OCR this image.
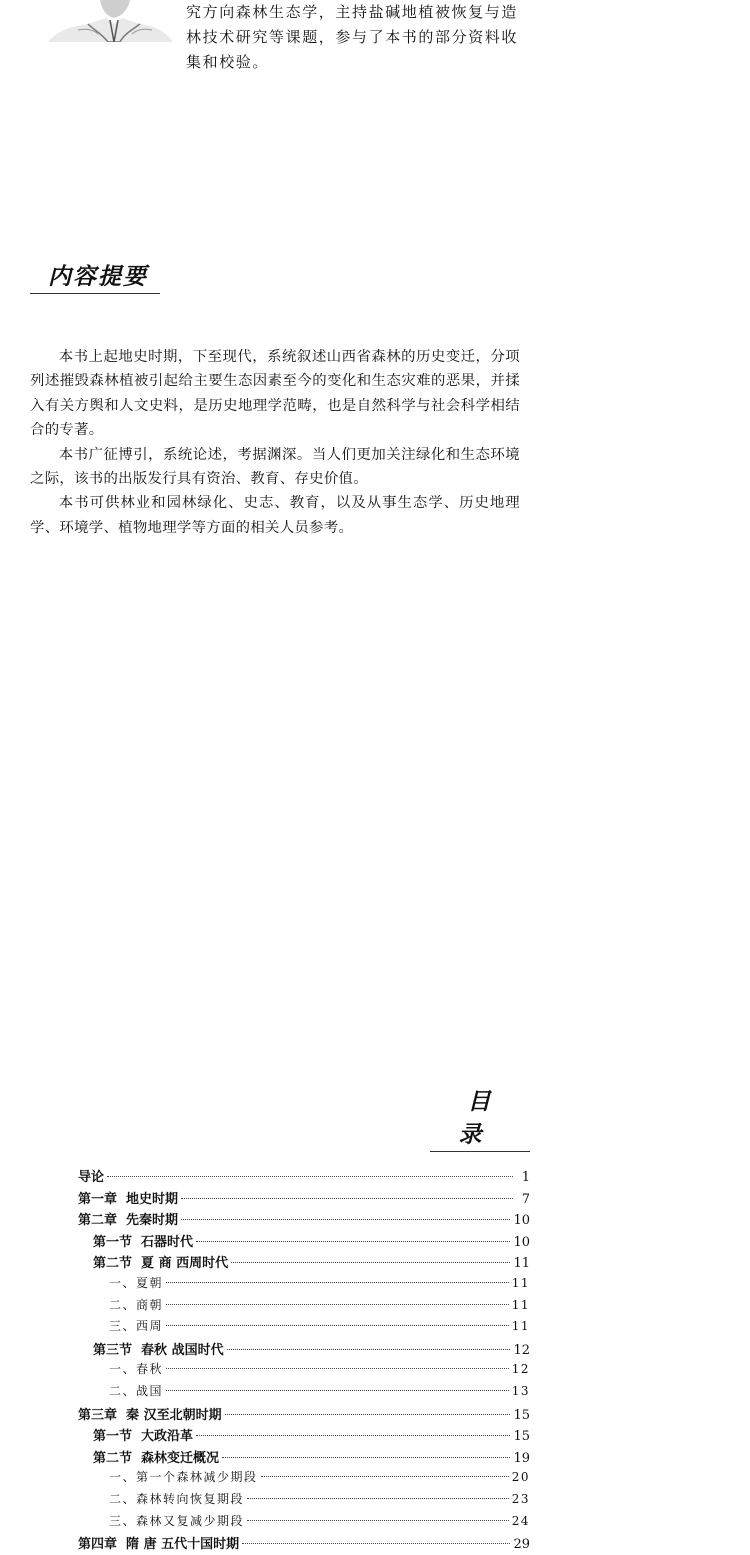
究方向森林生态学，主持盐碱地植被恢复与造

林技术研究等课题，参与了本书的部分资料收

集和校验。

内容提要

本书上起地史时期，下至现代，系统叙述山西省森林的历史变迁，分项列述摧毁森林植被引起给主要生态因素至今的变化和生态灾难的恶果，并揉入有关方舆和人文史料，是历史地理学范畴，也是自然科学与社会科学相结合的专著。

本书广征博引，系统论述，考据渊深。当人们更加关注绿化和生态环境之际，该书的出版发行具有资治、教育、存史价值。

本书可供林业和园林绿化、史志、教育，以及从事生态学、历史地理学、环境学、植物地理学等方面的相关人员参考。

目录
导论	1
第一章  地史时期	7
第二章  先秦时期	10
第一节  石器时代	10
第二节  夏 商 西周时代	11
一、夏朝	11
二、商朝	11
三、西周	11
第三节  春秋 战国时代	12
一、春秋	12
二、战国	13
第三章  秦 汉至北朝时期	15
第一节  大政沿革	15
第二节  森林变迁概况	19
一、第一个森林减少期段	20
二、森林转向恢复期段	23
三、森林又复减少期段	24
第四章  隋 唐 五代十国时期	29
